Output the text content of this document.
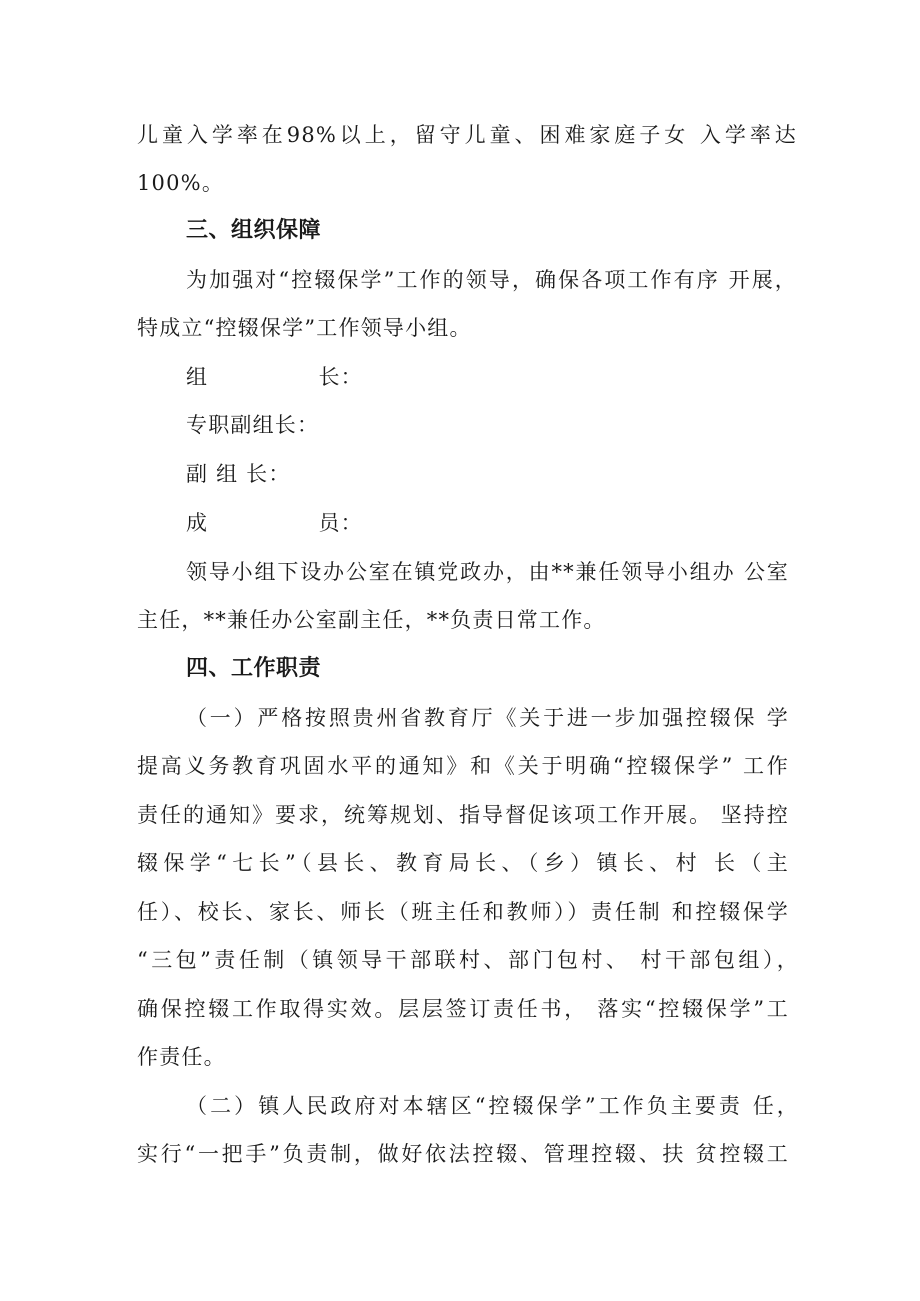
儿童入学率在98%以上，留守儿童、困难家庭子女 入学率达
100%。
三、组织保障
为加强对“控辍保学”工作的领导，确保各项工作有序 开展，
特成立“控辍保学”工作领导小组。
组              长：
专职副组长：
副 组 长：
成              员：
领导小组下设办公室在镇党政办，由**兼任领导小组办 公室
主任，**兼任办公室副主任，**负责日常工作。
四、工作职责
（一）严格按照贵州省教育厅《关于进一步加强控辍保 学
提高义务教育巩固水平的通知》和《关于明确“控辍保学” 工作
责任的通知》要求，统筹规划、指导督促该项工作开展。 坚持控
辍保学“七长”（县长、教育局长、（乡）镇长、村 长（主
任）、校长、家长、师长（班主任和教师））责任制 和控辍保学
“三包”责任制（镇领导干部联村、部门包村、 村干部包组），
确保控辍工作取得实效。层层签订责任书， 落实“控辍保学”工
作责任。
（二）镇人民政府对本辖区“控辍保学”工作负主要责 任，
实行“一把手”负责制，做好依法控辍、管理控辍、扶 贫控辍工
